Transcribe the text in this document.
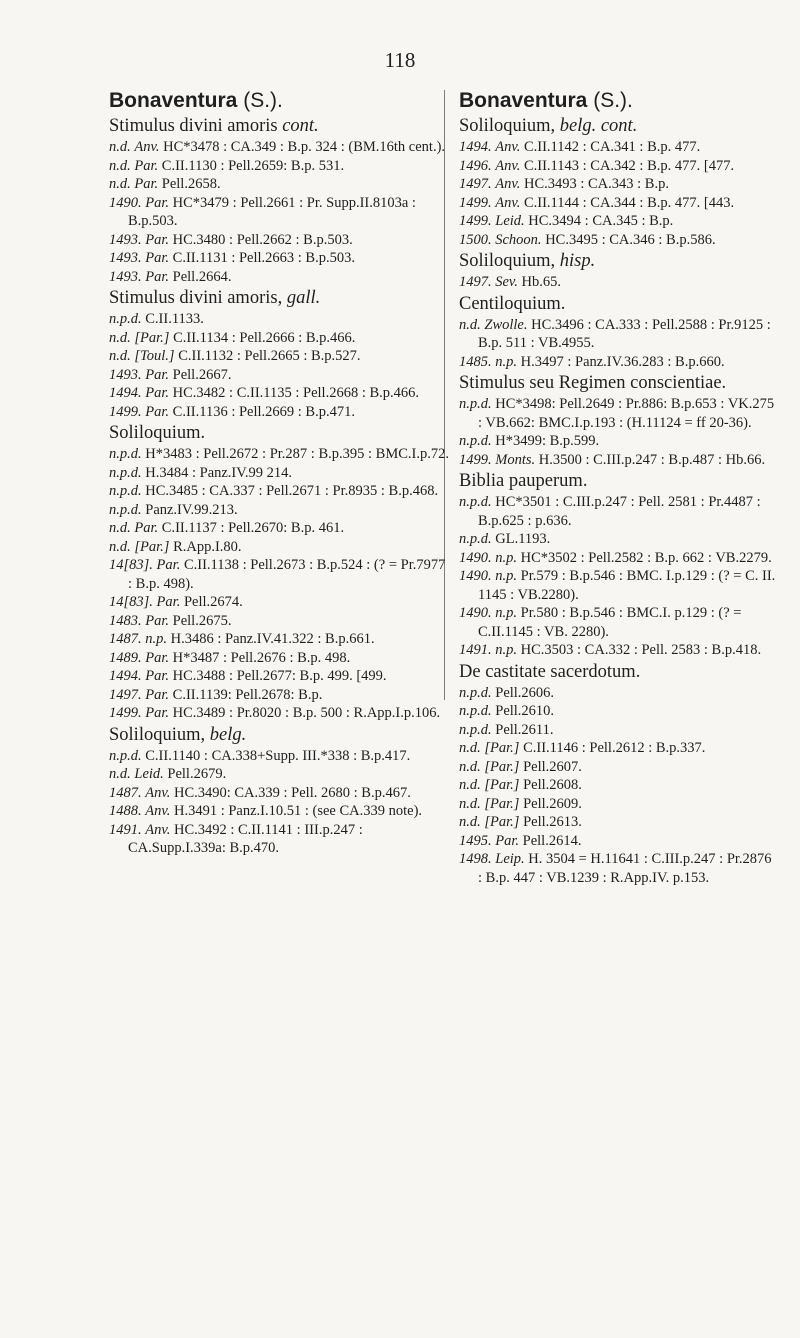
118
Bonaventura (S.).
Stimulus divini amoris cont.

n.d. Anv. HC*3478 : CA.349 : B.p. 324 : (BM.16th cent.).

n.d. Par. C.II.1130 : Pell.2659: B.p. 531.

n.d. Par. Pell.2658.

1490. Par. HC*3479 : Pell.2661 : Pr. Supp.II.8103a : B.p.503.

1493. Par. HC.3480 : Pell.2662 : B.p.503.

1493. Par. C.II.1131 : Pell.2663 : B.p.503.

1493. Par. Pell.2664.

Stimulus divini amoris, gall.

n.p.d. C.II.1133.

n.d. [Par.] C.II.1134 : Pell.2666 : B.p.466.

n.d. [Toul.] C.II.1132 : Pell.2665 : B.p.527.

1493. Par. Pell.2667.

1494. Par. HC.3482 : C.II.1135 : Pell.2668 : B.p.466.

1499. Par. C.II.1136 : Pell.2669 : B.p.471.

Soliloquium.

n.p.d. H*3483 : Pell.2672 : Pr.287 : B.p.395 : BMC.I.p.72.

n.p.d. H.3484 : Panz.IV.99 214.

n.p.d. HC.3485 : CA.337 : Pell.2671 : Pr.8935 : B.p.468.

n.p.d. Panz.IV.99.213.

n.d. Par. C.II.1137 : Pell.2670: B.p. 461.

n.d. [Par.] R.App.I.80.

14[83]. Par. C.II.1138 : Pell.2673 : B.p.524 : (? = Pr.7977 : B.p. 498).

14[83]. Par. Pell.2674.

1483. Par. Pell.2675.

1487. n.p. H.3486 : Panz.IV.41.322 : B.p.661.

1489. Par. H*3487 : Pell.2676 : B.p. 498.

1494. Par. HC.3488 : Pell.2677: B.p. 499. [499.

1497. Par. C.II.1139: Pell.2678: B.p.

1499. Par. HC.3489 : Pr.8020 : B.p. 500 : R.App.I.p.106.

Soliloquium, belg.

n.p.d. C.II.1140 : CA.338+Supp. III.*338 : B.p.417.

n.d. Leid. Pell.2679.

1487. Anv. HC.3490: CA.339 : Pell. 2680 : B.p.467.

1488. Anv. H.3491 : Panz.I.10.51 : (see CA.339 note).

1491. Anv. HC.3492 : C.II.1141 : III.p.247 : CA.Supp.I.339a: B.p.470.

Bonaventura (S.).
Soliloquium, belg. cont.

1494. Anv. C.II.1142 : CA.341 : B.p. 477.

1496. Anv. C.II.1143 : CA.342 : B.p. 477. [477.

1497. Anv. HC.3493 : CA.343 : B.p.

1499. Anv. C.II.1144 : CA.344 : B.p. 477. [443.

1499. Leid. HC.3494 : CA.345 : B.p.

1500. Schoon. HC.3495 : CA.346 : B.p.586.

Soliloquium, hisp.

1497. Sev. Hb.65.

Centiloquium.

n.d. Zwolle. HC.3496 : CA.333 : Pell.2588 : Pr.9125 : B.p. 511 : VB.4955.

1485. n.p. H.3497 : Panz.IV.36.283 : B.p.660.

Stimulus seu Regimen conscientiae.

n.p.d. HC*3498: Pell.2649 : Pr.886: B.p.653 : VK.275 : VB.662: BMC.I.p.193 : (H.11124 = ff 20-36).

n.p.d. H*3499: B.p.599.

1499. Monts. H.3500 : C.III.p.247 : B.p.487 : Hb.66.

Biblia pauperum.

n.p.d. HC*3501 : C.III.p.247 : Pell. 2581 : Pr.4487 : B.p.625 : p.636.

n.p.d. GL.1193.

1490. n.p. HC*3502 : Pell.2582 : B.p. 662 : VB.2279.

1490. n.p. Pr.579 : B.p.546 : BMC. I.p.129 : (? = C. II. 1145 : VB.2280).

1490. n.p. Pr.580 : B.p.546 : BMC.I. p.129 : (? = C.II.1145 : VB. 2280).

1491. n.p. HC.3503 : CA.332 : Pell. 2583 : B.p.418.

De castitate sacerdotum.

n.p.d. Pell.2606.

n.p.d. Pell.2610.

n.p.d. Pell.2611.

n.d. [Par.] C.II.1146 : Pell.2612 : B.p.337.

n.d. [Par.] Pell.2607.

n.d. [Par.] Pell.2608.

n.d. [Par.] Pell.2609.

n.d. [Par.] Pell.2613.

1495. Par. Pell.2614.

1498. Leip. H. 3504 = H.11641 : C.III.p.247 : Pr.2876 : B.p. 447 : VB.1239 : R.App.IV. p.153.
